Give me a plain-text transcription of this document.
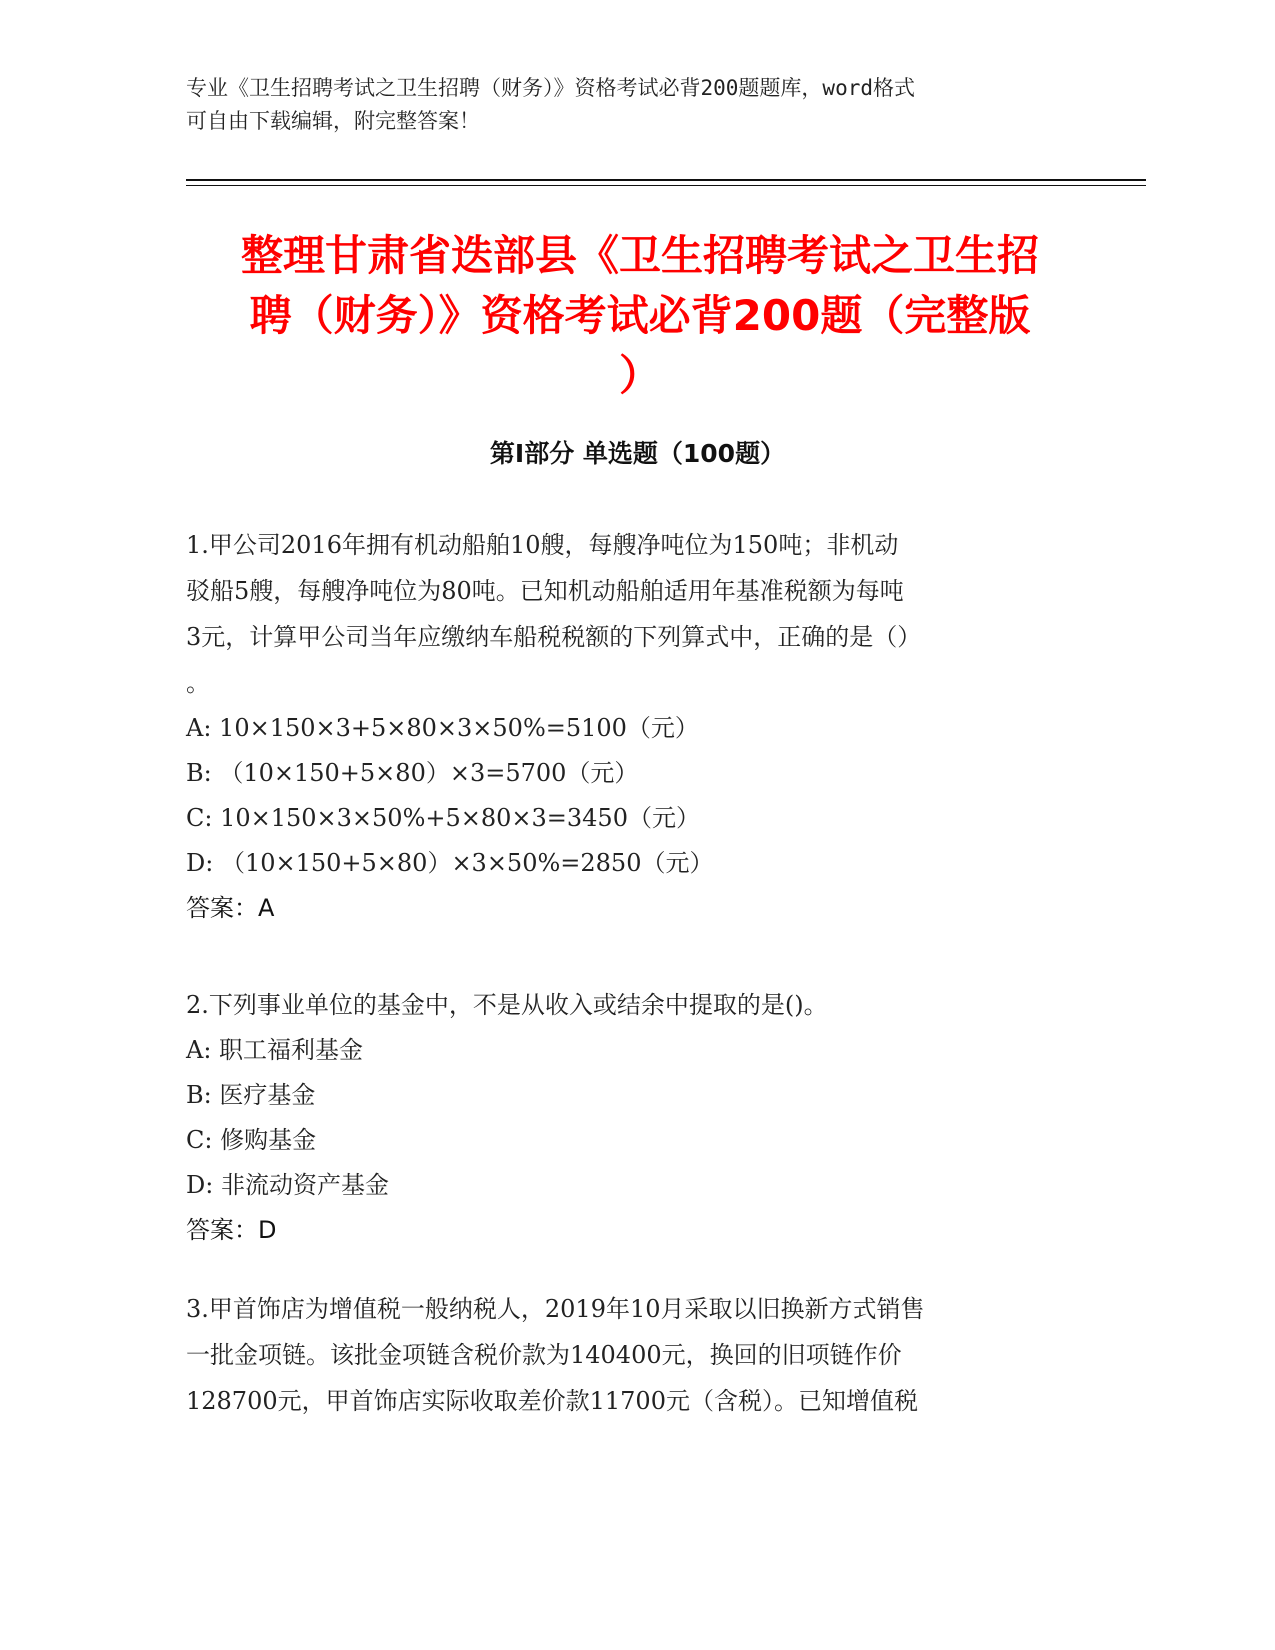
专业《卫生招聘考试之卫生招聘（财务）》资格考试必背200题题库，word格式
可自由下载编辑，附完整答案！
整理甘肃省迭部县《卫生招聘考试之卫生招
聘（财务）》资格考试必背200题（完整版
）
第I部分 单选题（100题）

1.甲公司2016年拥有机动船舶10艘，每艘净吨位为150吨；非机动

驳船5艘，每艘净吨位为80吨。已知机动船舶适用年基准税额为每吨

3元，计算甲公司当年应缴纳车船税税额的下列算式中，正确的是（）

。

A: 10×150×3+5×80×3×50%=5100（元）

B: （10×150+5×80）×3=5700（元）

C: 10×150×3×50%+5×80×3=3450（元）

D: （10×150+5×80）×3×50%=2850（元）

答案：A

2.下列事业单位的基金中，不是从收入或结余中提取的是()。

A: 职工福利基金

B: 医疗基金

C: 修购基金

D: 非流动资产基金

答案：D

3.甲首饰店为增值税一般纳税人，2019年10月采取以旧换新方式销售

一批金项链。该批金项链含税价款为140400元，换回的旧项链作价

128700元，甲首饰店实际收取差价款11700元（含税）。已知增值税
